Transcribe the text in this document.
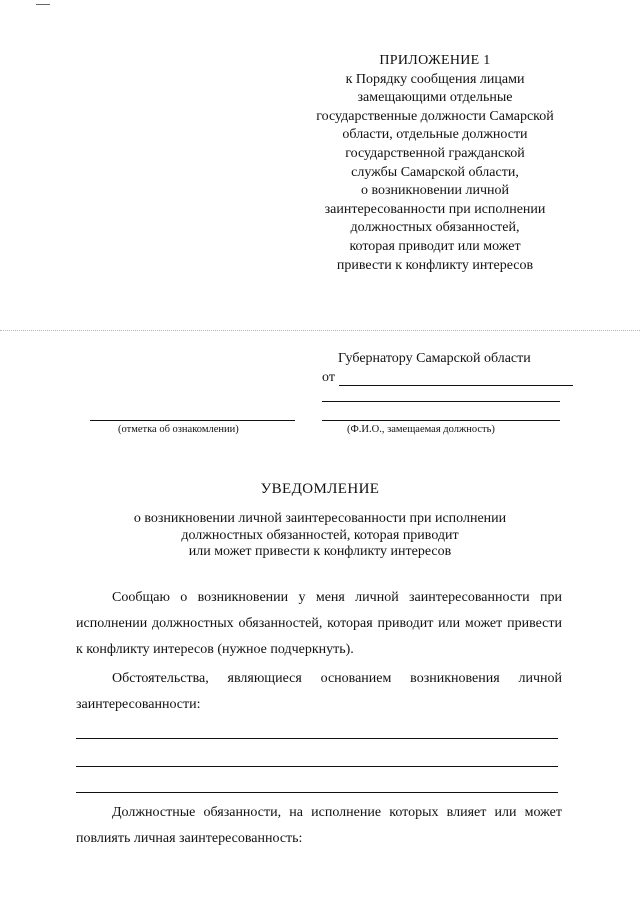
ПРИЛОЖЕНИЕ 1
к Порядку сообщения лицами
замещающими отдельные
государственные должности Самарской
области, отдельные должности
государственной гражданской
службы Самарской области,
о возникновении личной
заинтересованности при исполнении
должностных обязанностей,
которая приводит или может
привести к конфликту интересов
Губернатору Самарской области
от
(отметка об ознакомлении)	(Ф.И.О., замещаемая должность)
УВЕДОМЛЕНИЕ
о возникновении личной заинтересованности при исполнении
должностных обязанностей, которая приводит
или может привести к конфликту интересов
Сообщаю о возникновении у меня личной заинтересованности при исполнении должностных обязанностей, которая приводит или может привести к конфликту интересов (нужное подчеркнуть).
Обстоятельства, являющиеся основанием возникновения личной заинтересованности:
Должностные обязанности, на исполнение которых влияет или может повлиять личная заинтересованность:
